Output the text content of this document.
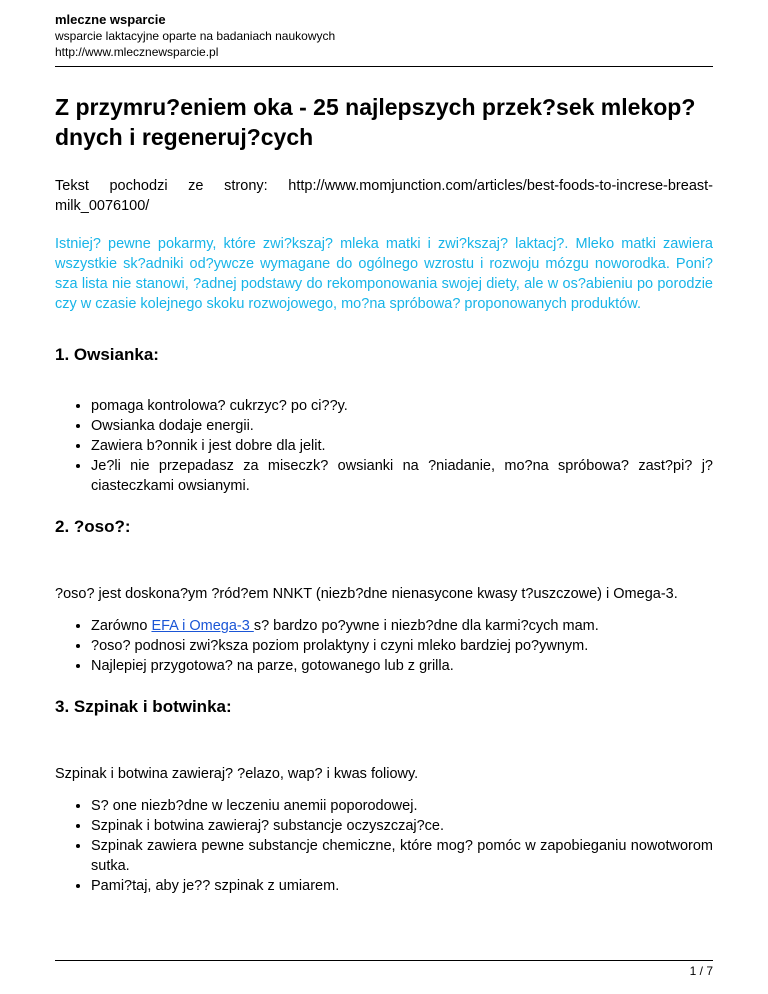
mleczne wsparcie
wsparcie laktacyjne oparte na badaniach naukowych
http://www.mlecznewsparcie.pl
Z przymru?eniem oka - 25 najlepszych przek?sek mlekop?dnych i regeneruj?cych

Tekst pochodzi ze strony: http://www.momjunction.com/articles/best-foods-to-increse-breast-milk_0076100/

Istniej? pewne pokarmy, które zwi?kszaj? mleka matki i zwi?kszaj? laktacj?. Mleko matki zawiera wszystkie sk?adniki od?ywcze wymagane do ogólnego wzrostu i rozwoju mózgu noworodka. Poni?sza lista nie stanowi, ?adnej podstawy do rekomponowania swojej diety, ale w os?abieniu po porodzie czy w czasie kolejnego skoku rozwojowego, mo?na spróbowa? proponowanych produktów.

1. Owsianka:
• pomaga kontrolowa? cukrzyc? po ci??y.
• Owsianka dodaje energii.
• Zawiera b?onnik i jest dobre dla jelit.
• Je?li nie przepadasz za miseczk? owsianki na ?niadanie, mo?na spróbowa? zast?pi? j? ciasteczkami owsianymi.
2. ?oso?:

?oso? jest doskona?ym ?ród?em NNKT (niezb?dne nienasycone kwasy t?uszczowe) i Omega-3.

• Zarówno EFA i Omega-3 s? bardzo po?ywne i niezb?dne dla karmi?cych mam.
• ?oso? podnosi zwi?ksza poziom prolaktyny i czyni mleko bardziej po?ywnym.
• Najlepiej przygotowa? na parze, gotowanego lub z grilla.
3. Szpinak i botwinka:

Szpinak i botwina zawieraj? ?elazo, wap? i kwas foliowy.

• S? one niezb?dne w leczeniu anemii poporodowej.
• Szpinak i botwina zawieraj? substancje oczyszczaj?ce.
• Szpinak zawiera pewne substancje chemiczne, które mog? pomóc w zapobieganiu nowotworom sutka.
• Pami?taj, aby je?? szpinak z umiarem.
1 / 7
